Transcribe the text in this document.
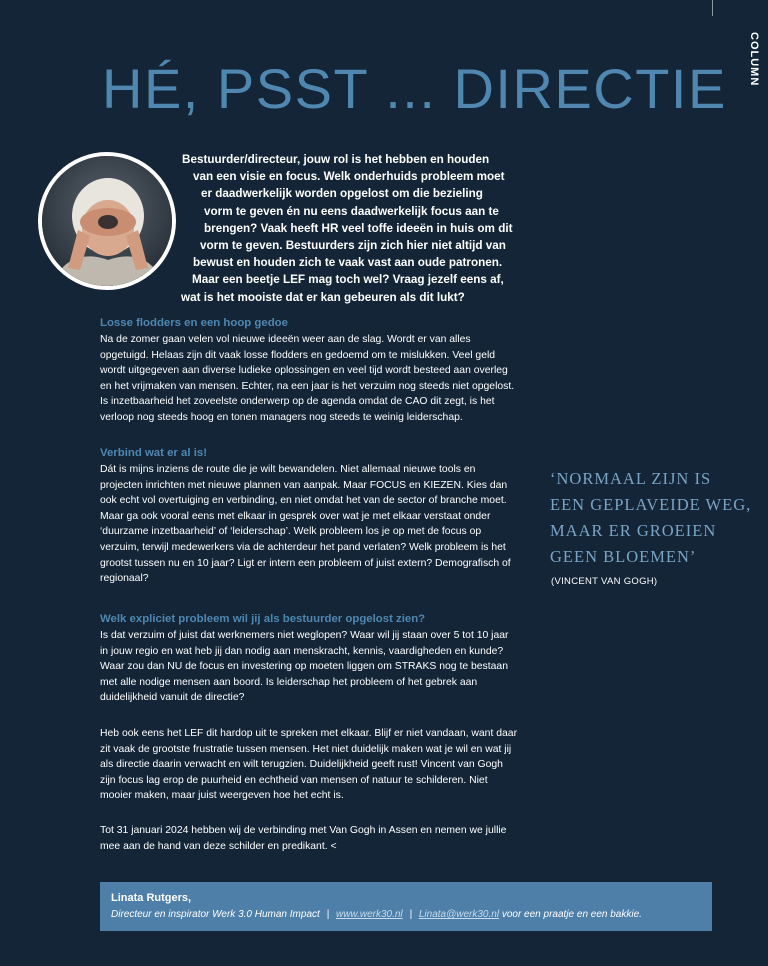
COLUMN
HÉ, PSST ... DIRECTIE
Bestuurder/directeur, jouw rol is het hebben en houden
van een visie en focus. Welk onderhuids probleem moet
er daadwerkelijk worden opgelost om die bezieling
vorm te geven én nu eens daadwerkelijk focus aan te
brengen? Vaak heeft HR veel toffe ideeën in huis om dit
vorm te geven. Bestuurders zijn zich hier niet altijd van
bewust en houden zich te vaak vast aan oude patronen.
Maar een beetje LEF mag toch wel? Vraag jezelf eens af,
wat is het mooiste dat er kan gebeuren als dit lukt?
Losse flodders en een hoop gedoe
Na de zomer gaan velen vol nieuwe ideeën weer aan de slag. Wordt er van alles
opgetuigd. Helaas zijn dit vaak losse flodders en gedoemd om te mislukken. Veel geld
wordt uitgegeven aan diverse ludieke oplossingen en veel tijd wordt besteed aan overleg
en het vrijmaken van mensen. Echter, na een jaar is het verzuim nog steeds niet opgelost.
Is inzetbaarheid het zoveelste onderwerp op de agenda omdat de CAO dit zegt, is het
verloop nog steeds hoog en tonen managers nog steeds te weinig leiderschap.
Verbind wat er al is!
Dát is mijns inziens de route die je wilt bewandelen. Niet allemaal nieuwe tools en
projecten inrichten met nieuwe plannen van aanpak. Maar FOCUS en KIEZEN. Kies dan
ook echt vol overtuiging en verbinding, en niet omdat het van de sector of branche moet.
Maar ga ook vooral eens met elkaar in gesprek over wat je met elkaar verstaat onder
‘duurzame inzetbaarheid’ of ‘leiderschap’. Welk probleem los je op met de focus op
verzuim, terwijl medewerkers via de achterdeur het pand verlaten? Welk probleem is het
grootst tussen nu en 10 jaar? Ligt er intern een probleem of juist extern? Demografisch of
regionaal?
Welk expliciet probleem wil jij als bestuurder opgelost zien?
Is dat verzuim of juist dat werknemers niet weglopen? Waar wil jij staan over 5 tot 10 jaar
in jouw regio en wat heb jij dan nodig aan menskracht, kennis, vaardigheden en kunde?
Waar zou dan NU de focus en investering op moeten liggen om STRAKS nog te bestaan
met alle nodige mensen aan boord. Is leiderschap het probleem of het gebrek aan
duidelijkheid vanuit de directie?
Heb ook eens het LEF dit hardop uit te spreken met elkaar. Blijf er niet vandaan, want daar
zit vaak de grootste frustratie tussen mensen. Het niet duidelijk maken wat je wil en wat jij
als directie daarin verwacht en wilt terugzien. Duidelijkheid geeft rust! Vincent van Gogh
zijn focus lag erop de puurheid en echtheid van mensen of natuur te schilderen. Niet
mooier maken, maar juist weergeven hoe het echt is.
Tot 31 januari 2024 hebben wij de verbinding met Van Gogh in Assen en nemen we jullie
mee aan de hand van deze schilder en predikant. <
‘NORMAAL ZIJN IS
EEN GEPLAVEIDE WEG,
MAAR ER GROEIEN
GEEN BLOEMEN’
(VINCENT VAN GOGH)
Linata Rutgers,
Directeur en inspirator Werk 3.0 Human Impact | www.werk30.nl | Linata@werk30.nl voor een praatje en een bakkie.
